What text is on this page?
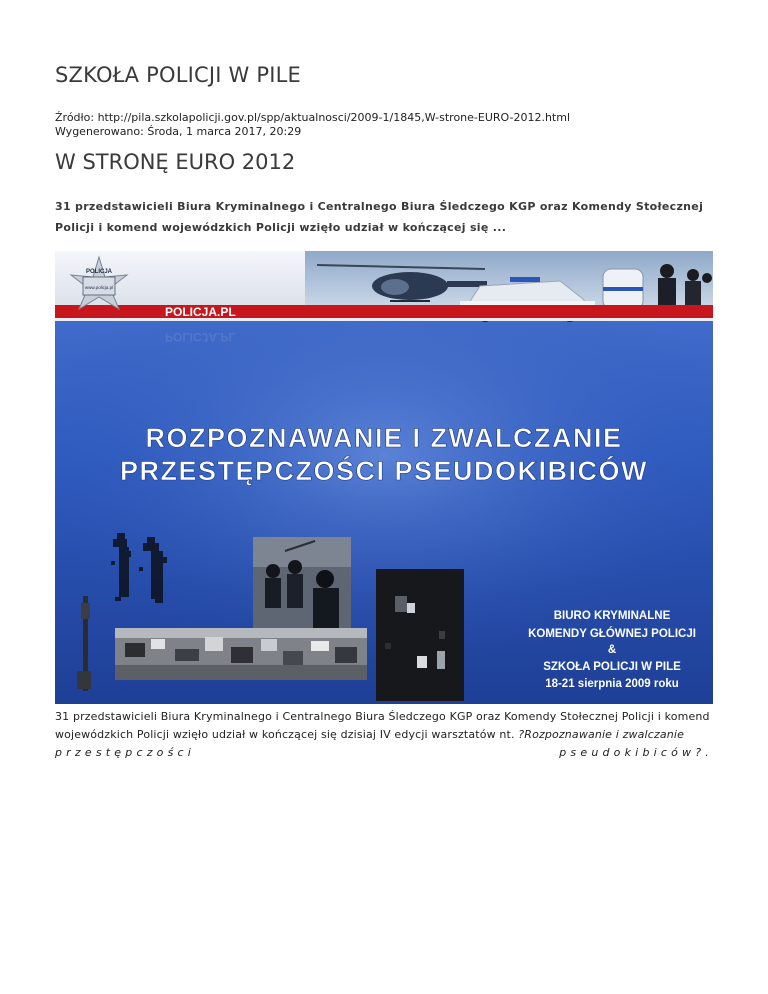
SZKOŁA POLICJI W PILE
Źródło: http://pila.szkolapolicji.gov.pl/spp/aktualnosci/2009-1/1845,W-strone-EURO-2012.html
Wygenerowano: Środa, 1 marca 2017, 20:29
W STRONĘ EURO 2012

31 przedstawicieli Biura Kryminalnego i Centralnego Biura Śledczego KGP oraz Komendy Stołecznej
Policji i komend wojewódzkich Policji wzięło udział w kończącej się ...

POLICJA
www.policja.pl
POLICJA.PL
POLICJA.PL
ROZPOZNAWANIE I ZWALCZANIE
PRZESTĘPCZOŚCI PSEUDOKIBICÓW
BIURO KRYMINALNE
KOMENDY GŁÓWNEJ POLICJI
&
SZKOŁA POLICJI W PILE
18-21 sierpnia 2009 roku
31 przedstawicieli Biura Kryminalnego i Centralnego Biura Śledczego KGP oraz Komendy Stołecznej Policji i komend
wojewódzkich Policji wzięło udział w kończącej się dzisiaj IV edycji warsztatów nt. ?Rozpoznawanie i zwalczanie
przestępczości	pseudokibiców?.
